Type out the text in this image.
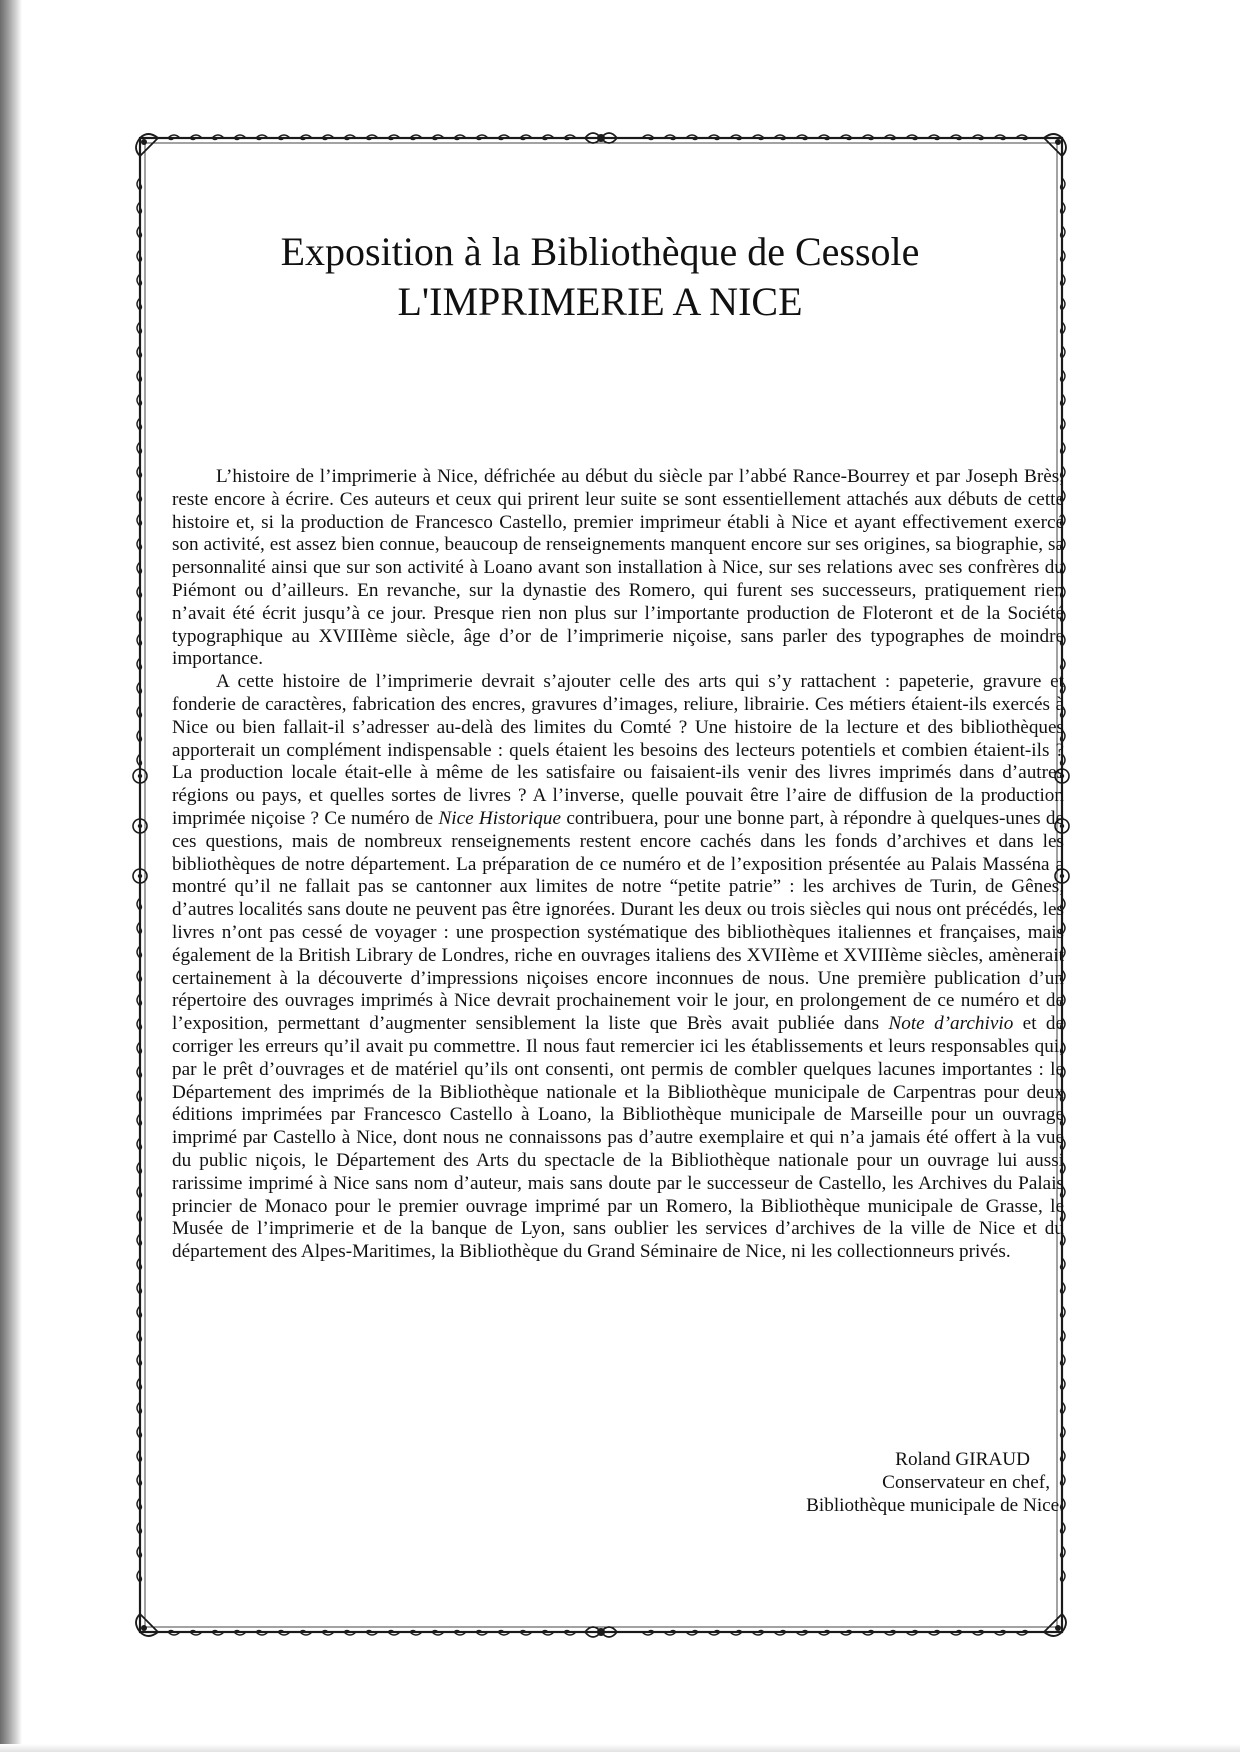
Exposition à la Bibliothèque de Cessole
L'IMPRIMERIE A NICE

L’histoire de l’imprimerie à Nice, défrichée au début du siècle par l’abbé Rance-Bourrey et par Joseph Brès, reste encore à écrire. Ces auteurs et ceux qui prirent leur suite se sont essentiellement attachés aux débuts de cette histoire et, si la production de Francesco Castello, premier imprimeur établi à Nice et ayant effectivement exercé son activité, est assez bien connue, beaucoup de renseignements manquent encore sur ses origines, sa biographie, sa personnalité ainsi que sur son activité à Loano avant son installation à Nice, sur ses relations avec ses confrères du Piémont ou d’ailleurs. En revanche, sur la dynastie des Romero, qui furent ses successeurs, pratiquement rien n’avait été écrit jusqu’à ce jour. Presque rien non plus sur l’importante production de Floteront et de la Société typographique au XVIIIème siècle, âge d’or de l’imprimerie niçoise, sans parler des typographes de moindre importance.

A cette histoire de l’imprimerie devrait s’ajouter celle des arts qui s’y rattachent : papeterie, gravure et fonderie de caractères, fabrication des encres, gravures d’images, reliure, librairie. Ces métiers étaient-ils exercés à Nice ou bien fallait-il s’adresser au-delà des limites du Comté ? Une histoire de la lecture et des bibliothèques apporterait un complément indispensable : quels étaient les besoins des lecteurs potentiels et combien étaient-ils ? La production locale était-elle à même de les satisfaire ou faisaient-ils venir des livres imprimés dans d’autres régions ou pays, et quelles sortes de livres ? A l’inverse, quelle pouvait être l’aire de diffusion de la production imprimée niçoise ? Ce numéro de Nice Historique contribuera, pour une bonne part, à répondre à quelques-unes de ces questions, mais de nombreux renseignements restent encore cachés dans les fonds d’archives et dans les bibliothèques de notre département. La préparation de ce numéro et de l’exposition présentée au Palais Masséna a montré qu’il ne fallait pas se cantonner aux limites de notre “petite patrie” : les archives de Turin, de Gênes, d’autres localités sans doute ne peuvent pas être ignorées. Durant les deux ou trois siècles qui nous ont précédés, les livres n’ont pas cessé de voyager : une prospection systématique des bibliothèques italiennes et françaises, mais également de la British Library de Londres, riche en ouvrages italiens des XVIIème et XVIIIème siècles, amènerait certainement à la découverte d’impressions niçoises encore inconnues de nous. Une première publication d’un répertoire des ouvrages imprimés à Nice devrait prochainement voir le jour, en prolongement de ce numéro et de l’exposition, permettant d’augmenter sensiblement la liste que Brès avait publiée dans Note d’archivio et de corriger les erreurs qu’il avait pu commettre. Il nous faut remercier ici les établissements et leurs responsables qui, par le prêt d’ouvrages et de matériel qu’ils ont consenti, ont permis de combler quelques lacunes importantes : le Département des imprimés de la Bibliothèque nationale et la Bibliothèque municipale de Carpentras pour deux éditions imprimées par Francesco Castello à Loano, la Bibliothèque municipale de Marseille pour un ouvrage imprimé par Castello à Nice, dont nous ne connaissons pas d’autre exemplaire et qui n’a jamais été offert à la vue du public niçois, le Département des Arts du spectacle de la Bibliothèque nationale pour un ouvrage lui aussi rarissime imprimé à Nice sans nom d’auteur, mais sans doute par le successeur de Castello, les Archives du Palais princier de Monaco pour le premier ouvrage imprimé par un Romero, la Bibliothèque municipale de Grasse, le Musée de l’imprimerie et de la banque de Lyon, sans oublier les services d’archives de la ville de Nice et du département des Alpes-Maritimes, la Bibliothèque du Grand Séminaire de Nice, ni les collectionneurs privés.

Roland GIRAUD
Conservateur en chef,
Bibliothèque municipale de Nice.
